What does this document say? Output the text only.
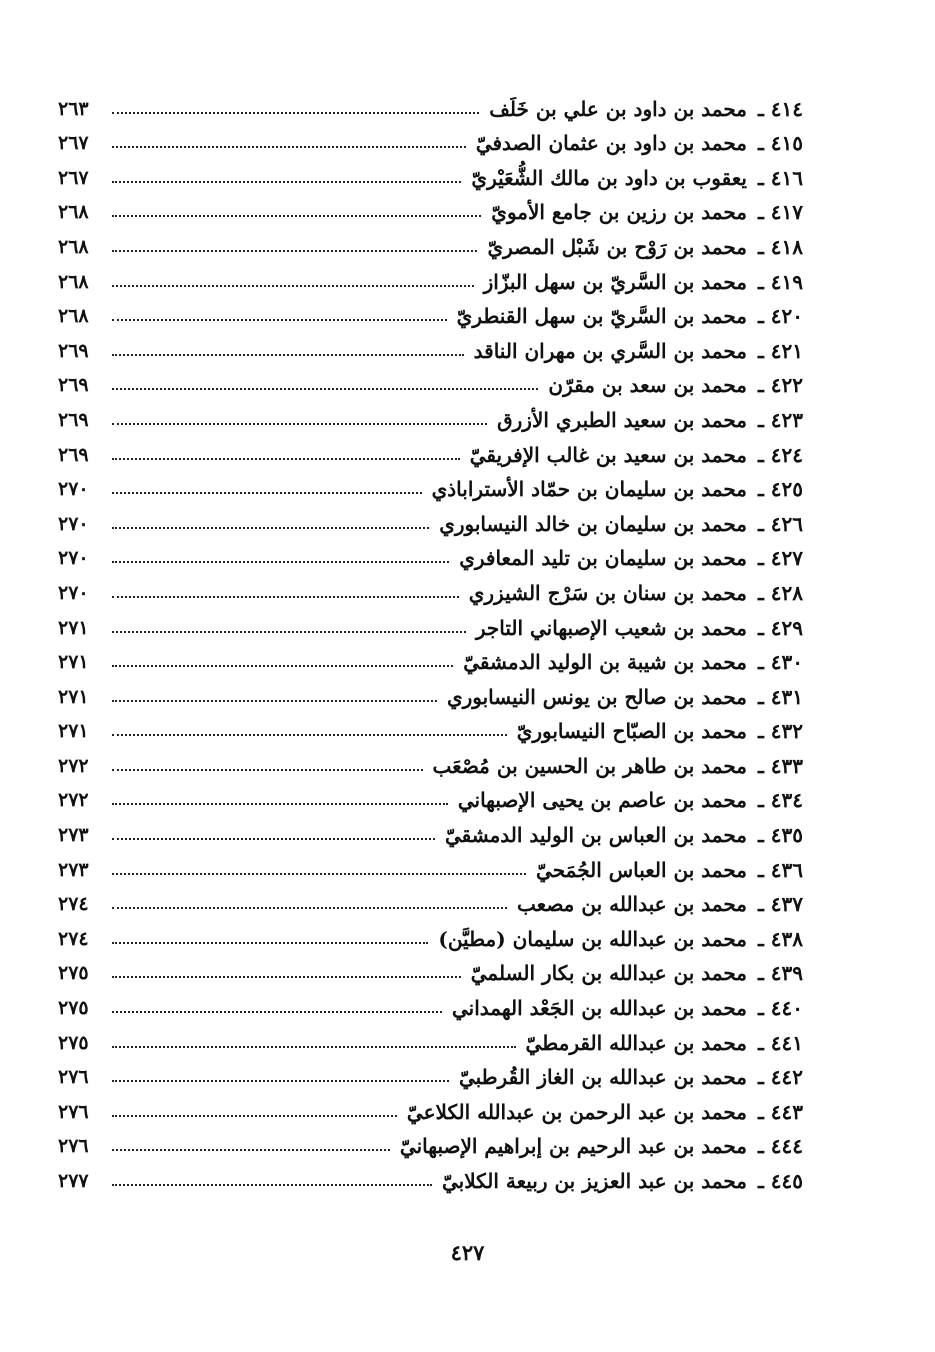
٤١٤ ـ محمد بن داود بن علي بن خَلَف
٢٦٣
٤١٥ ـ محمد بن داود بن عثمان الصدفيّ
٢٦٧
٤١٦ ـ يعقوب بن داود بن مالك الشُّعَيْريّ
٢٦٧
٤١٧ ـ محمد بن رزين بن جامع الأمويّ
٢٦٨
٤١٨ ـ محمد بن رَوْح بن شَبْل المصريّ
٢٦٨
٤١٩ ـ محمد بن السَّريّ بن سهل البزّاز
٢٦٨
٤٢٠ ـ محمد بن السَّريّ بن سهل القنطريّ
٢٦٨
٤٢١ ـ محمد بن السَّري بن مهران الناقد
٢٦٩
٤٢٢ ـ محمد بن سعد بن مقرّن
٢٦٩
٤٢٣ ـ محمد بن سعيد الطبري الأزرق
٢٦٩
٤٢٤ ـ محمد بن سعيد بن غالب الإفريقيّ
٢٦٩
٤٢٥ ـ محمد بن سليمان بن حمّاد الأستراباذي
٢٧٠
٤٢٦ ـ محمد بن سليمان بن خالد النيسابوري
٢٧٠
٤٢٧ ـ محمد بن سليمان بن تليد المعافري
٢٧٠
٤٢٨ ـ محمد بن سنان بن سَرْج الشيزري
٢٧٠
٤٢٩ ـ محمد بن شعيب الإصبهاني التاجر
٢٧١
٤٣٠ ـ محمد بن شيبة بن الوليد الدمشقيّ
٢٧١
٤٣١ ـ محمد بن صالح بن يونس النيسابوري
٢٧١
٤٣٢ ـ محمد بن الصبّاح النيسابوريّ
٢٧١
٤٣٣ ـ محمد بن طاهر بن الحسين بن مُصْعَب
٢٧٢
٤٣٤ ـ محمد بن عاصم بن يحيى الإصبهاني
٢٧٢
٤٣٥ ـ محمد بن العباس بن الوليد الدمشقيّ
٢٧٣
٤٣٦ ـ محمد بن العباس الجُمَحيّ
٢٧٣
٤٣٧ ـ محمد بن عبدالله بن مصعب
٢٧٤
٤٣٨ ـ محمد بن عبدالله بن سليمان (مطيَّن)
٢٧٤
٤٣٩ ـ محمد بن عبدالله بن بكار السلميّ
٢٧٥
٤٤٠ ـ محمد بن عبدالله بن الجَعْد الهمداني
٢٧٥
٤٤١ ـ محمد بن عبدالله القرمطيّ
٢٧٥
٤٤٢ ـ محمد بن عبدالله بن الغاز القُرطبيّ
٢٧٦
٤٤٣ ـ محمد بن عبد الرحمن بن عبدالله الكلاعيّ
٢٧٦
٤٤٤ ـ محمد بن عبد الرحيم بن إبراهيم الإصبهانيّ
٢٧٦
٤٤٥ ـ محمد بن عبد العزيز بن ربيعة الكلابيّ
٢٧٧
٤٢٧
